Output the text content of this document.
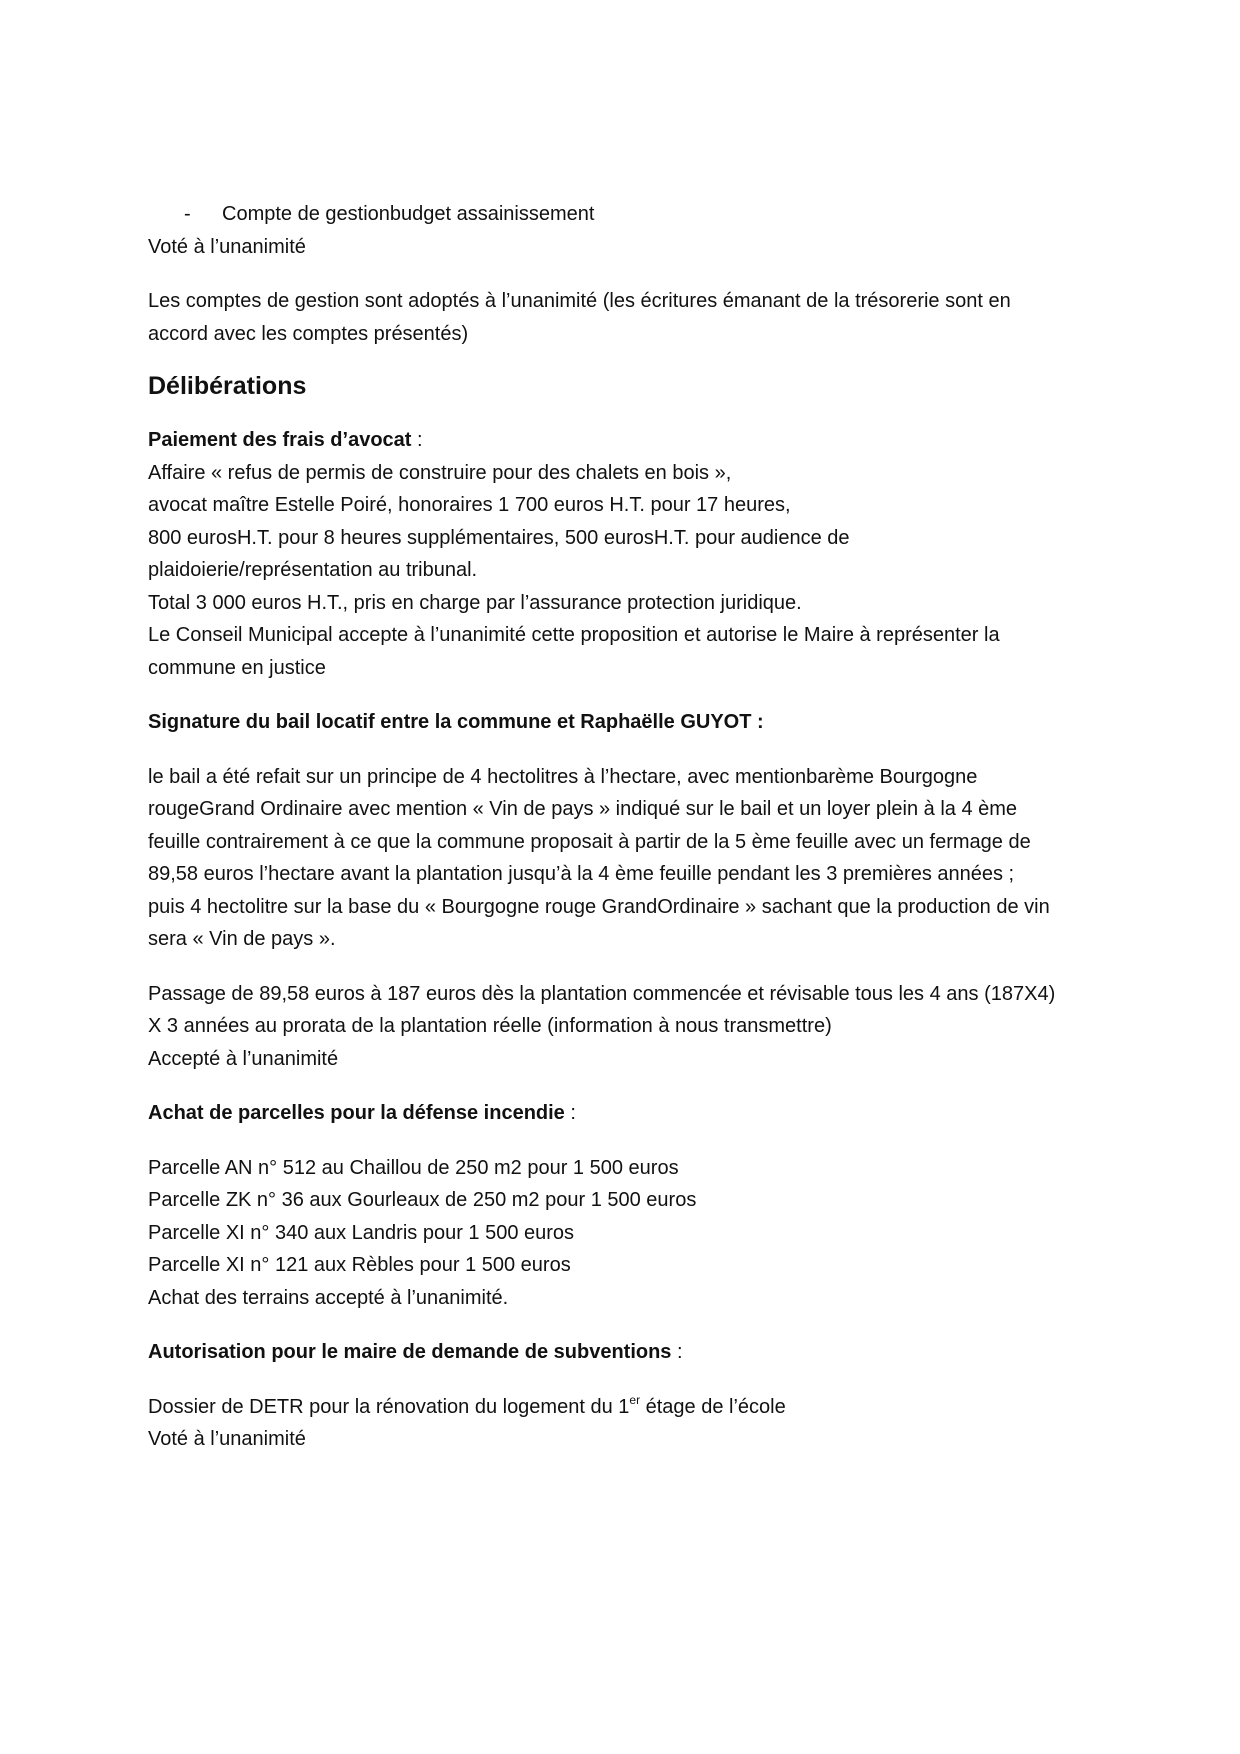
- Compte de gestionbudget assainissement
Voté à l’unanimité
Les comptes de gestion sont adoptés à l’unanimité (les écritures émanant de la trésorerie sont en
accord avec les comptes présentés)
Délibérations
Paiement des frais d’avocat :
Affaire « refus de permis de construire pour des chalets en bois »,
avocat maître Estelle Poiré, honoraires 1 700 euros H.T. pour 17 heures,
800 eurosH.T. pour 8 heures supplémentaires, 500 eurosH.T. pour audience de
plaidoierie/représentation au tribunal.
Total 3 000 euros H.T., pris en charge par l’assurance protection juridique.
Le Conseil Municipal accepte à l’unanimité cette proposition et autorise le Maire à représenter la
commune en justice
Signature du bail locatif entre la commune et Raphaëlle GUYOT :
le bail a été refait sur un principe de 4 hectolitres à l’hectare, avec mentionbarème Bourgogne
rougeGrand Ordinaire avec mention « Vin de pays » indiqué sur le bail et un loyer plein à la 4 ème
feuille contrairement à ce que la commune proposait à partir de la 5 ème feuille avec un fermage de
89,58 euros l’hectare avant la plantation jusqu’à la 4 ème feuille pendant les 3 premières années ;
puis 4 hectolitre sur la base du « Bourgogne rouge GrandOrdinaire » sachant que la production de vin
sera « Vin de pays ».
Passage de 89,58 euros à 187 euros dès la plantation commencée et révisable tous les 4 ans (187X4)
X 3 années au prorata de la plantation réelle (information à nous transmettre)
Accepté à l’unanimité
Achat de parcelles pour la défense incendie :
Parcelle AN n° 512 au Chaillou de 250 m2 pour 1 500 euros
Parcelle ZK n° 36 aux Gourleaux de 250 m2 pour 1 500 euros
Parcelle XI n° 340 aux Landris pour 1 500 euros
Parcelle XI n° 121 aux Rèbles pour 1 500 euros
Achat des terrains accepté à l’unanimité.
Autorisation pour le maire de demande de subventions :
Dossier de DETR pour la rénovation du logement du 1er étage de l’école
Voté à l’unanimité
